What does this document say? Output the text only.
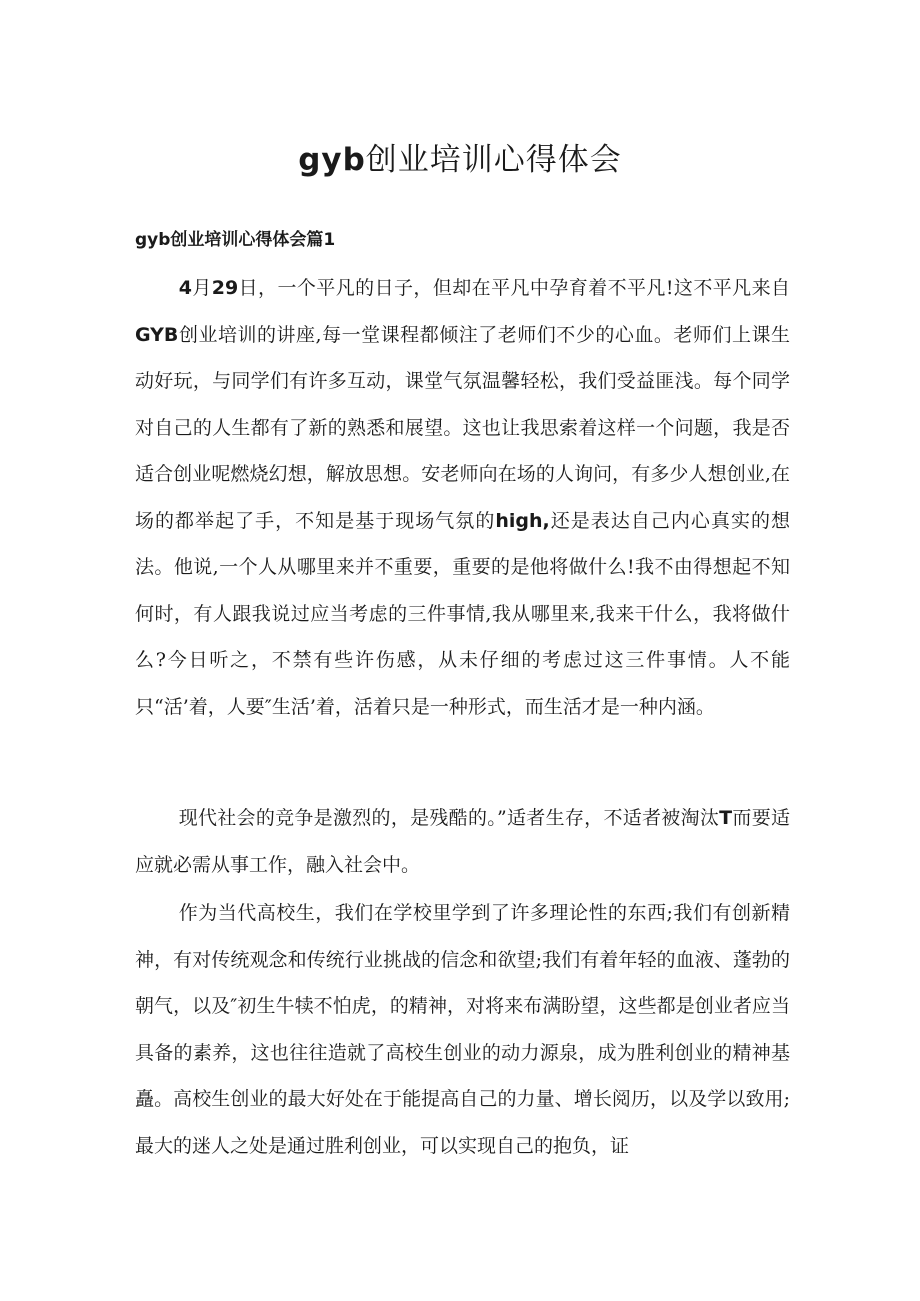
gyb创业培训心得体会
gyb创业培训心得体会篇1

4月29日，一个平凡的日子，但却在平凡中孕育着不平凡!这不平凡来自GYB创业培训的讲座,每一堂课程都倾注了老师们不少的心血。老师们上课生动好玩，与同学们有许多互动，课堂气氛温馨轻松，我们受益匪浅。每个同学对自己的人生都有了新的熟悉和展望。这也让我思索着这样一个问题，我是否适合创业呢燃烧幻想，解放思想。安老师向在场的人询问，有多少人想创业,在场的都举起了手，不知是基于现场气氛的high,还是表达自己内心真实的想法。他说,一个人从哪里来并不重要，重要的是他将做什么!我不由得想起不知何时，有人跟我说过应当考虑的三件事情,我从哪里来,我来干什么，我将做什么?今日听之，不禁有些许伤感，从未仔细的考虑过这三件事情。人不能只“活’着，人要″生活’着，活着只是一种形式，而生活才是一种内涵。

现代社会的竞争是激烈的，是残酷的。”适者生存，不适者被淘汰T而要适应就必需从事工作，融入社会中。

作为当代高校生，我们在学校里学到了许多理论性的东西;我们有创新精神，有对传统观念和传统行业挑战的信念和欲望;我们有着年轻的血液、蓬勃的朝气，以及″初生牛犊不怕虎，的精神，对将来布满盼望，这些都是创业者应当具备的素养，这也往往造就了高校生创业的动力源泉，成为胜利创业的精神基矗。高校生创业的最大好处在于能提高自己的力量、增长阅历，以及学以致用;最大的迷人之处是通过胜利创业，可以实现自己的抱负，证
